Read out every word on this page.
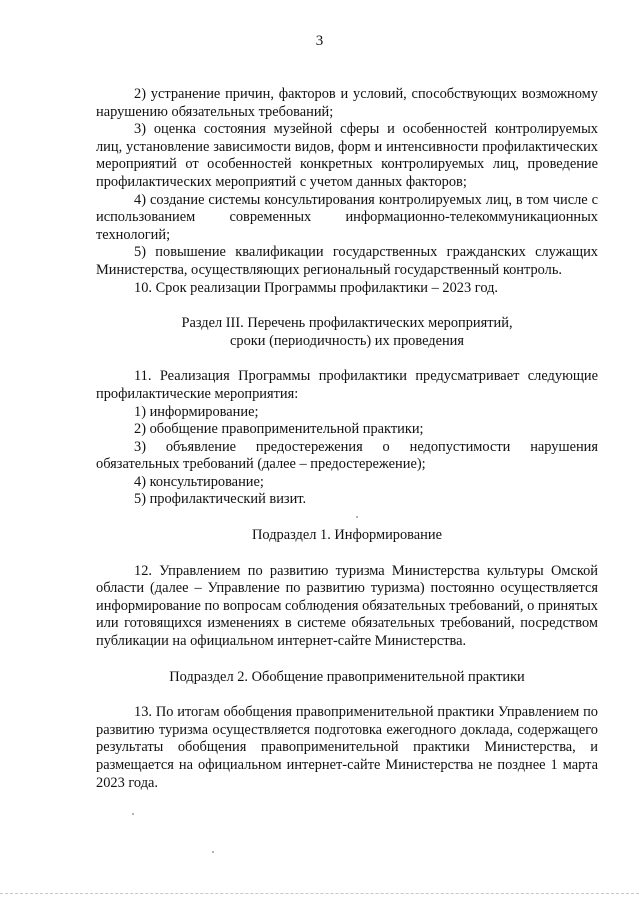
3

2) устранение причин, факторов и условий, способствующих возможному нарушению обязательных требований;

3) оценка состояния музейной сферы и особенностей контролируемых лиц, установление зависимости видов, форм и интенсивности профилактических мероприятий от особенностей конкретных контролируемых лиц, проведение профилактических мероприятий с учетом данных факторов;

4) создание системы консультирования контролируемых лиц, в том числе с использованием современных информационно-телекоммуникационных технологий;

5) повышение квалификации государственных гражданских служащих Министерства, осуществляющих региональный государственный контроль.

10. Срок реализации Программы профилактики – 2023 год.

Раздел III. Перечень профилактических мероприятий,

сроки (периодичность) их проведения

11. Реализация Программы профилактики предусматривает следующие профилактические мероприятия:

1) информирование;

2) обобщение правоприменительной практики;

3) объявление предостережения о недопустимости нарушения обязательных требований (далее – предостережение);

4) консультирование;

5) профилактический визит.

Подраздел 1. Информирование

12. Управлением по развитию туризма Министерства культуры Омской области (далее – Управление по развитию туризма) постоянно осуществляется информирование по вопросам соблюдения обязательных требований, о принятых или готовящихся изменениях в системе обязательных требований, посредством публикации на официальном интернет-сайте Министерства.

Подраздел 2. Обобщение правоприменительной практики

13. По итогам обобщения правоприменительной практики Управлением по развитию туризма осуществляется подготовка ежегодного доклада, содержащего результаты обобщения правоприменительной практики Министерства, и размещается на официальном интернет-сайте Министерства не позднее 1 марта 2023 года.
